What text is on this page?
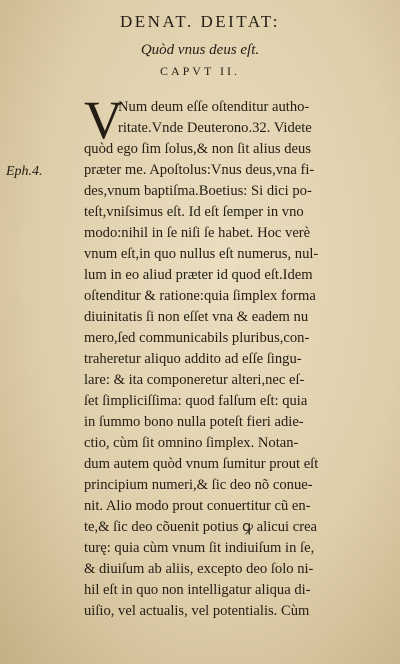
DENAT. DEITAT:
Quòd vnus deus eſt.
CAPVT II.
Eph.4.
V
Num deum eſſe oſtenditur autho-
ritate.Vnde Deuterono.32. Videte
quòd ego ſim ſolus,& non ſit alius deus
præter me. Apoſtolus:Vnus deus,vna fi-
des,vnum baptiſma.Boetius: Si dici po-
teſt,vniſsimus eſt. Id eſt ſemper in vno
modo:nihil in ſe niſi ſe habet. Hoc verè
vnum eſt,in quo nullus eſt numerus, nul-
lum in eo aliud præter id quod eſt.Idem
oſtenditur & ratione:quia ſimplex forma
diuinitatis ſi non eſſet vna & eadem nu
mero,ſed communicabils pluribus,con-
traheretur aliquo addito ad eſſe ſingu-
lare: & ita componeretur alteri,nec eſ-
ſet ſimpliciſſima: quod falſum eſt: quia
in ſummo bono nulla poteſt fieri adie-
ctio, cùm ſit omnino ſimplex. Notan-
dum autem quòd vnum ſumitur prout eſt
principium numeri,& ſic deo nõ conue-
nit. Alio modo prout conuertitur cũ en-
te,& ſic deo cõuenit potius ꝙ alicui crea
turę: quia cùm vnum ſit indiuiſum in ſe,
& diuiſum ab aliis, excepto deo ſolo ni-
hil eſt in quo non intelligatur aliqua di-
uiſio, vel actualis, vel potentialis. Cùm
